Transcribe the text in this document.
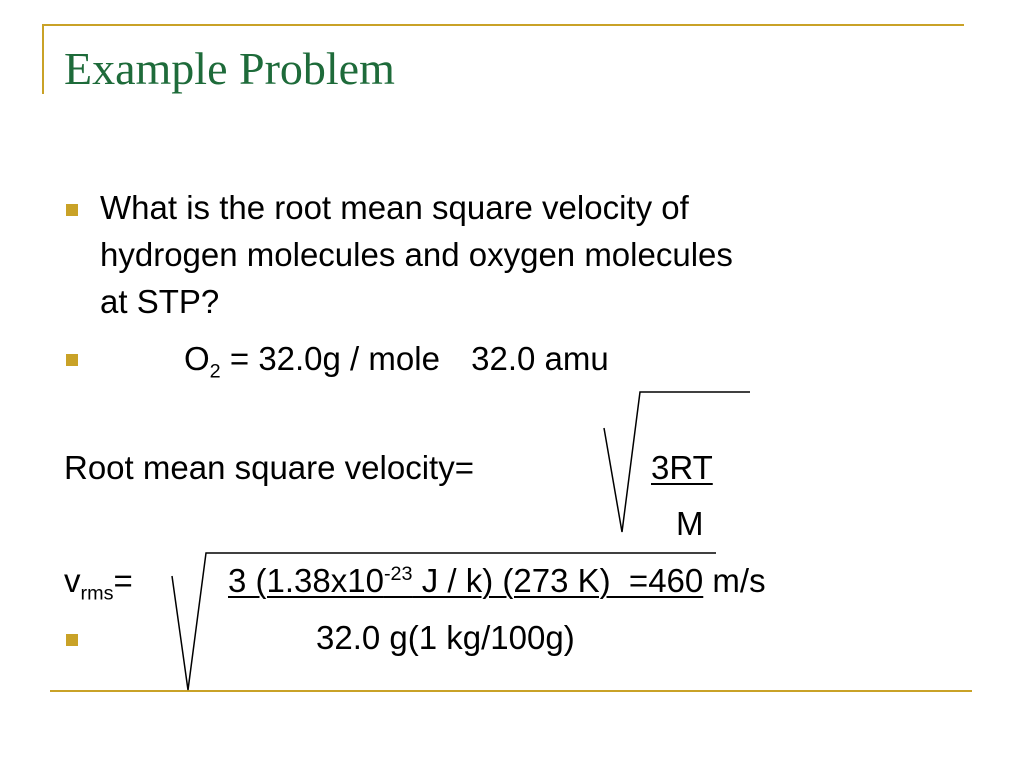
Example Problem
What is the root mean square velocity of
hydrogen molecules and oxygen molecules
at STP?
$O_2 = 32.0g$ / mole 32.0 amu
Root mean square velocity=	3RT
M
$v_{rms}=$	3 ($1.38x10^{-23}$ J / k) (273 K)  =460 m/s
32.0 g(1 kg/100g)
